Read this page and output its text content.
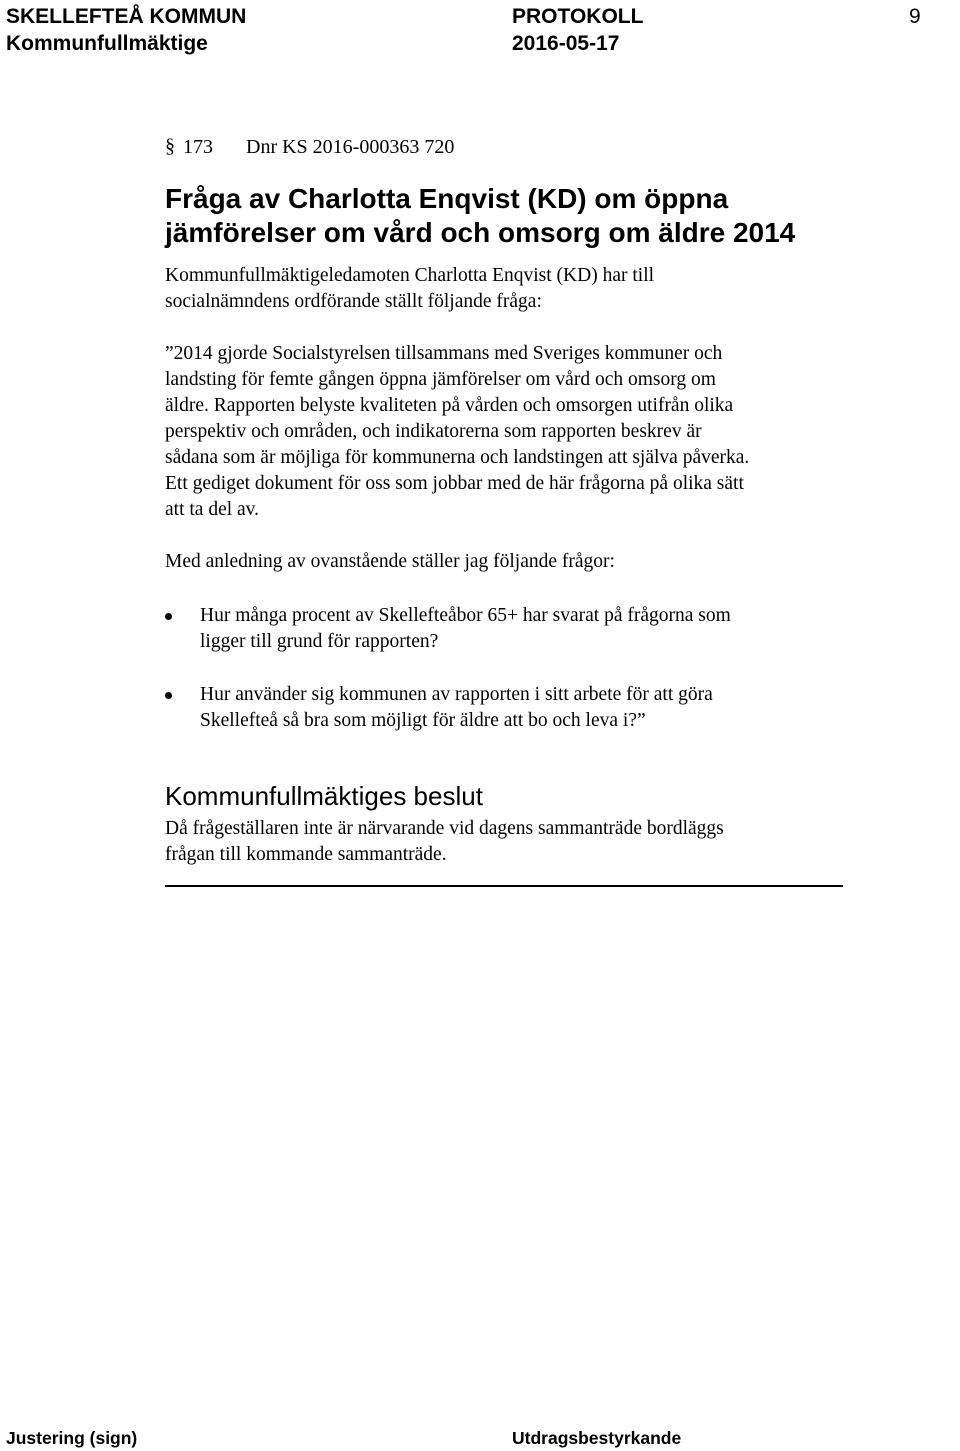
SKELLEFTEÅ KOMMUN
Kommunfullmäktige
PROTOKOLL
2016-05-17
9
§ 173 Dnr KS 2016-000363 720
Fråga av Charlotta Enqvist (KD) om öppna
jämförelser om vård och omsorg om äldre 2014
Kommunfullmäktigeledamoten Charlotta Enqvist (KD) har till
socialnämndens ordförande ställt följande fråga:
”2014 gjorde Socialstyrelsen tillsammans med Sveriges kommuner och
landsting för femte gången öppna jämförelser om vård och omsorg om
äldre. Rapporten belyste kvaliteten på vården och omsorgen utifrån olika
perspektiv och områden, och indikatorerna som rapporten beskrev är
sådana som är möjliga för kommunerna och landstingen att själva påverka.
Ett gediget dokument för oss som jobbar med de här frågorna på olika sätt
att ta del av.
Med anledning av ovanstående ställer jag följande frågor:
Hur många procent av Skellefteåbor 65+ har svarat på frågorna som
ligger till grund för rapporten?
Hur använder sig kommunen av rapporten i sitt arbete för att göra
Skellefteå så bra som möjligt för äldre att bo och leva i?”
Kommunfullmäktiges beslut
Då frågeställaren inte är närvarande vid dagens sammanträde bordläggs
frågan till kommande sammanträde.
Justering (sign)	Utdragsbestyrkande
